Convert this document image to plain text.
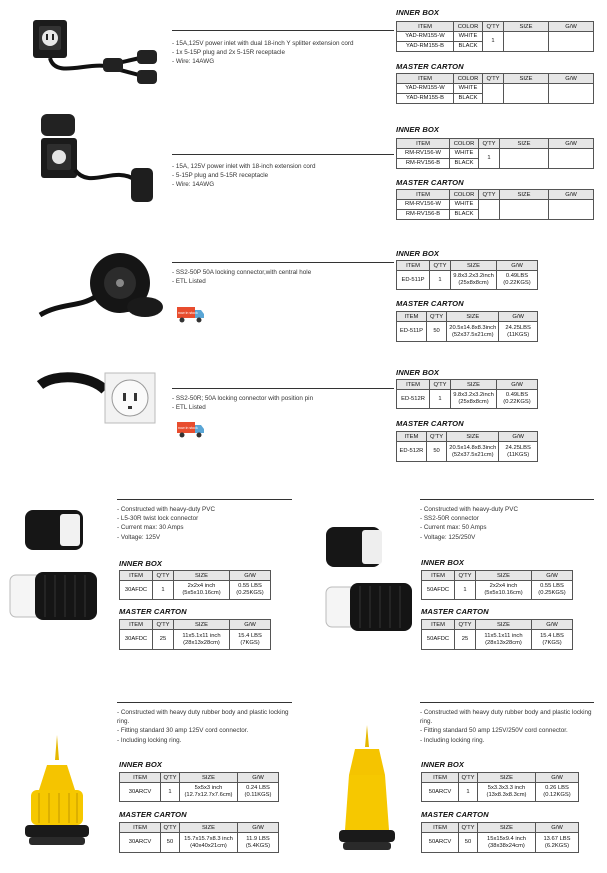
- 15A,125V power inlet with dual 18-inch Y splitter extension cord
- 1x 5-15P plug and 2x 5-15R receptacle
- Wire: 14AWG
INNER BOX
ITEM	COLOR	Q'TY	SIZE	G/W
YAD-RM155-W	WHITE	1		
YAD-RM155-B	BLACK			
MASTER CARTON
ITEM	COLOR	Q'TY	SIZE	G/W
YAD-RM155-W	WHITE			
YAD-RM155-B	BLACK			
- 15A, 125V power inlet with 18-inch extension cord
- 5-15P plug and 5-15R receptacle
- Wire: 14AWG
INNER BOX
ITEM	COLOR	Q'TY	SIZE	G/W
RM-RV156-W	WHITE	1		
RM-RV156-B	BLACK			
MASTER CARTON
ITEM	COLOR	Q'TY	SIZE	G/W
RM-RV156-W	WHITE			
RM-RV156-B	BLACK			
- SS2-50P 50A locking connector,with central hole
- ETL Listed
now in stock
INNER BOX
ITEM	Q'TY	SIZE	G/W
ED-511P	1	9.8x3.2x3.2inch
(25x8x8cm)	0.49LBS
(0.22KGS)
MASTER CARTON
ITEM	Q'TY	SIZE	G/W
ED-511P	50	20.5x14.8x8.3inch
(52x37.5x21cm)	24.25LBS
(11KGS)
- SS2-50R; 50A locking connector with position pin
- ETL Listed
now in stock
INNER BOX
ITEM	Q'TY	SIZE	G/W
ED-512R	1	9.8x3.2x3.2inch
(25x8x8cm)	0.49LBS
(0.22KGS)
MASTER CARTON
ITEM	Q'TY	SIZE	G/W
ED-512R	50	20.5x14.8x8.3inch
(52x37.5x21cm)	24.25LBS
(11KGS)
- Constructed with heavy-duty PVC
- L5-30R twist lock connector
- Current max: 30 Amps
- Voltage: 125V
INNER BOX
ITEM	Q'TY	SIZE	G/W
30AFDC	1	2x2x4 inch
(5x5x10.16cm)	0.55 LBS
(0.25KGS)
MASTER CARTON
ITEM	Q'TY	SIZE	G/W
30AFDC	25	11x5.1x11 inch
(28x13x28cm)	15.4 LBS
(7KGS)
- Constructed with heavy-duty PVC
- SS2-50R connector
- Current max: 50 Amps
- Voltage: 125/250V
INNER BOX
ITEM	Q'TY	SIZE	G/W
50AFDC	1	2x2x4 inch
(5x5x10.16cm)	0.55 LBS
(0.25KGS)
MASTER CARTON
ITEM	Q'TY	SIZE	G/W
50AFDC	25	11x5.1x11 inch
(28x13x28cm)	15.4 LBS
(7KGS)
- Constructed with heavy duty rubber body and plastic locking ring.
- Fitting standard 30 amp 125V cord connector.
- Including locking ring.
INNER BOX
ITEM	Q'TY	SIZE	G/W
30ARCV	1	5x5x3 inch
(12.7x12.7x7.6cm)	0.24 LBS
(0.11KGS)
MASTER CARTON
ITEM	Q'TY	SIZE	G/W
30ARCV	50	15.7x15.7x8.3 inch
(40x40x21cm)	11.9 LBS
(5.4KGS)
- Constructed with heavy duty rubber body and plastic locking ring.
- Fitting standard 50 amp 125V/250V cord connector.
- Including locking ring.
INNER BOX
ITEM	Q'TY	SIZE	G/W
50ARCV	1	5x3.3x3.3 inch
(13x8.3x8.3cm)	0.26 LBS
(0.12KGS)
MASTER CARTON
ITEM	Q'TY	SIZE	G/W
50ARCV	50	15x15x9.4 inch
(38x38x24cm)	13.67 LBS
(6.2KGS)
